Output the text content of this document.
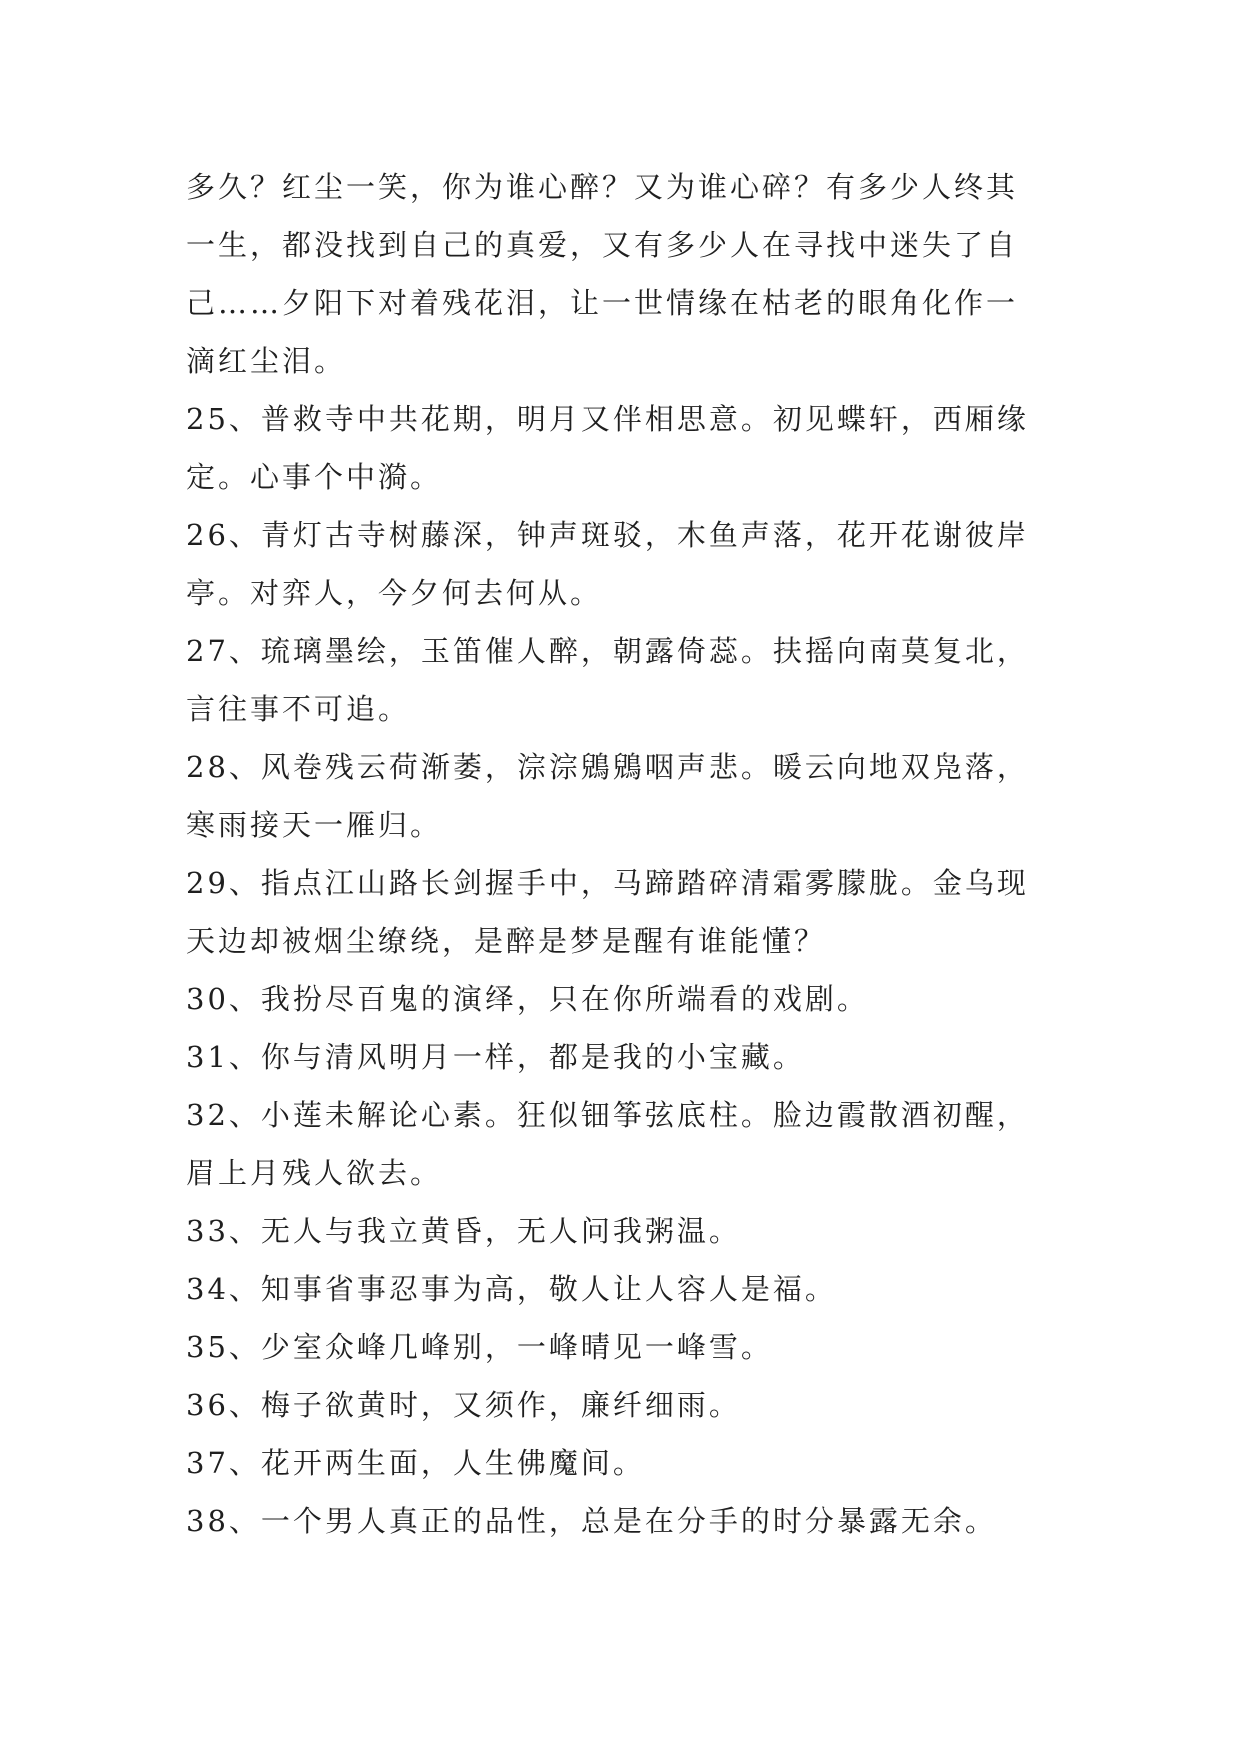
多久？红尘一笑，你为谁心醉？又为谁心碎？有多少人终其
一生，都没找到自己的真爱，又有多少人在寻找中迷失了自
己……夕阳下对着残花泪，让一世情缘在枯老的眼角化作一
滴红尘泪。
25、普救寺中共花期，明月又伴相思意。初见蝶轩，西厢缘
定。心事个中漪。
26、青灯古寺树藤深，钟声斑驳，木鱼声落，花开花谢彼岸
亭。对弈人，今夕何去何从。
27、琉璃墨绘，玉笛催人醉，朝露倚蕊。扶摇向南莫复北，
言往事不可追。
28、风卷残云荷渐萎，淙淙鶂鶂咽声悲。暖云向地双凫落，
寒雨接天一雁归。
29、指点江山路长剑握手中，马蹄踏碎清霜雾朦胧。金乌现
天边却被烟尘缭绕，是醉是梦是醒有谁能懂？
30、我扮尽百鬼的演绎，只在你所端看的戏剧。
31、你与清风明月一样，都是我的小宝藏。
32、小莲未解论心素。狂似钿筝弦底柱。脸边霞散酒初醒，
眉上月残人欲去。
33、无人与我立黄昏，无人问我粥温。
34、知事省事忍事为高，敬人让人容人是福。
35、少室众峰几峰别，一峰晴见一峰雪。
36、梅子欲黄时，又须作，廉纤细雨。
37、花开两生面，人生佛魔间。
38、一个男人真正的品性，总是在分手的时分暴露无余。
